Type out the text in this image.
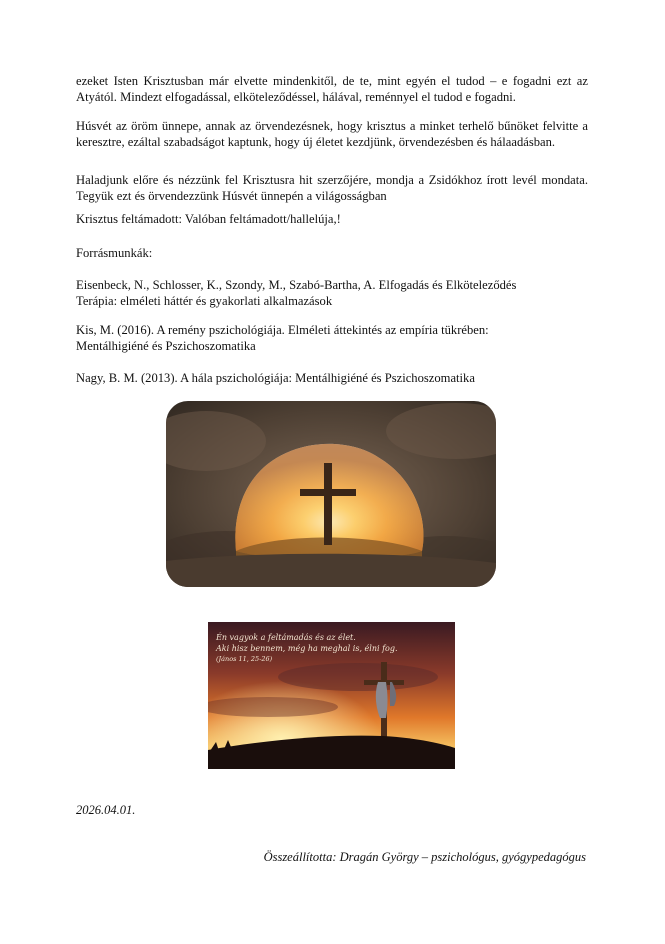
ezeket Isten Krisztusban már elvette mindenkitől, de te, mint egyén el tudod – e fogadni ezt az Atyától. Mindezt elfogadással, elköteleződéssel, hálával, reménnyel el tudod e fogadni.

Húsvét az öröm ünnepe, annak az örvendezésnek, hogy krisztus a minket terhelő bűnöket felvitte a keresztre, ezáltal szabadságot kaptunk, hogy új életet kezdjünk, örvendezésben és hálaadásban.

Haladjunk előre és nézzünk fel Krisztusra hit szerzőjére, mondja a Zsidókhoz írott levél mondata. Tegyük ezt és örvendezzünk Húsvét ünnepén a világosságban

Krisztus feltámadott: Valóban feltámadott/hallelúja,!

Forrásmunkák:

Eisenbeck, N., Schlosser, K., Szondy, M., Szabó-Bartha, A. Elfogadás és Elköteleződés

Terápia: elméleti háttér és gyakorlati alkalmazások

Kis, M. (2016). A remény pszichológiája. Elméleti áttekintés az empíria tükrében:

Mentálhigiéné és Pszichoszomatika

Nagy, B. M. (2013). A hála pszichológiája: Mentálhigiéné és Pszichoszomatika

Én vagyok a feltámadás és az élet.
Aki hisz bennem, még ha meghal is, élni fog.
(János 11, 25-26)
2026.04.01.
Összeállította: Dragán György – pszichológus, gyógypedagógus
